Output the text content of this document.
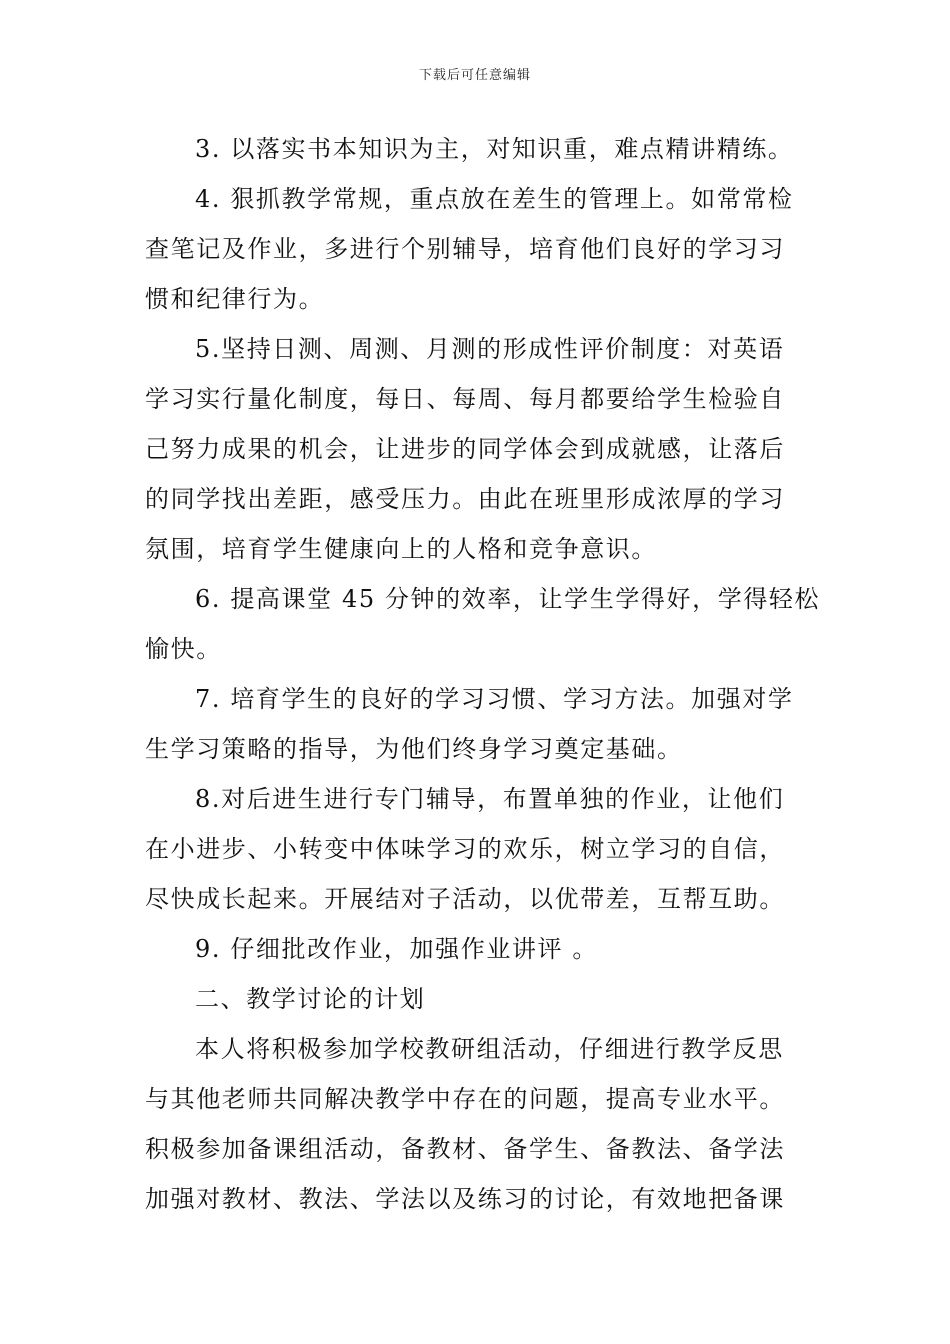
下载后可任意编辑
3. 以落实书本知识为主，对知识重，难点精讲精练。
4. 狠抓教学常规，重点放在差生的管理上。如常常检
查笔记及作业，多进行个别辅导，培育他们良好的学习习
惯和纪律行为。
5.坚持日测、周测、月测的形成性评价制度：对英语
学习实行量化制度，每日、每周、每月都要给学生检验自
己努力成果的机会，让进步的同学体会到成就感，让落后
的同学找出差距，感受压力。由此在班里形成浓厚的学习
氛围，培育学生健康向上的人格和竞争意识。
6. 提高课堂 45 分钟的效率，让学生学得好，学得轻松
愉快。
7. 培育学生的良好的学习习惯、学习方法。加强对学
生学习策略的指导，为他们终身学习奠定基础。
8.对后进生进行专门辅导，布置单独的作业，让他们
在小进步、小转变中体味学习的欢乐，树立学习的自信，
尽快成长起来。开展结对子活动，以优带差，互帮互助。
9. 仔细批改作业，加强作业讲评 。
二、教学讨论的计划
本人将积极参加学校教研组活动，仔细进行教学反思
与其他老师共同解决教学中存在的问题，提高专业水平。
积极参加备课组活动，备教材、备学生、备教法、备学法
加强对教材、教法、学法以及练习的讨论，有效地把备课
